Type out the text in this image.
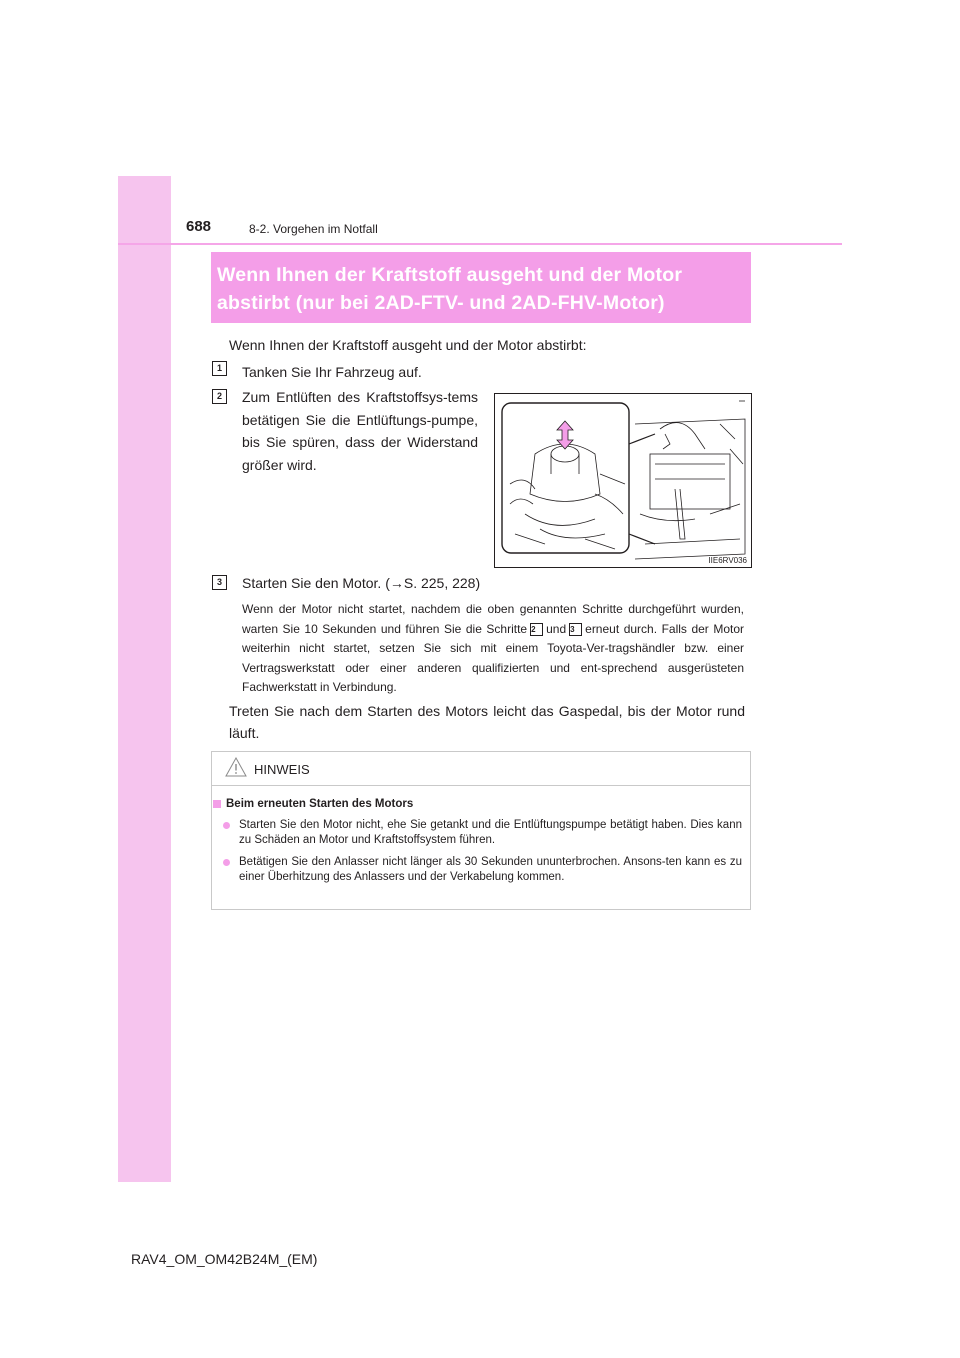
688	8-2. Vorgehen im Notfall
Wenn Ihnen der Kraftstoff ausgeht und der Motor abstirbt (nur bei 2AD-FTV- und 2AD-FHV-Motor)
Wenn Ihnen der Kraftstoff ausgeht und der Motor abstirbt:
1	Tanken Sie Ihr Fahrzeug auf.
2	Zum Entlüften des Kraftstoffsys-tems betätigen Sie die Entlüftungs-pumpe, bis Sie spüren, dass der Widerstand größer wird.
IIE6RV036
3	Starten Sie den Motor. (→S. 225, 228)
Wenn der Motor nicht startet, nachdem die oben genannten Schritte durchgeführt wurden, warten Sie 10 Sekunden und führen Sie die Schritte 2 und 3 erneut durch. Falls der Motor weiterhin nicht startet, setzen Sie sich mit einem Toyota-Ver-tragshändler bzw. einer Vertragswerkstatt oder einer anderen qualifizierten und ent-sprechend ausgerüsteten Fachwerkstatt in Verbindung.
Treten Sie nach dem Starten des Motors leicht das Gaspedal, bis der Motor rund läuft.
HINWEIS
Beim erneuten Starten des Motors
Starten Sie den Motor nicht, ehe Sie getankt und die Entlüftungspumpe betätigt haben. Dies kann zu Schäden an Motor und Kraftstoffsystem führen.
Betätigen Sie den Anlasser nicht länger als 30 Sekunden ununterbrochen. Ansons-ten kann es zu einer Überhitzung des Anlassers und der Verkabelung kommen.
RAV4_OM_OM42B24M_(EM)
